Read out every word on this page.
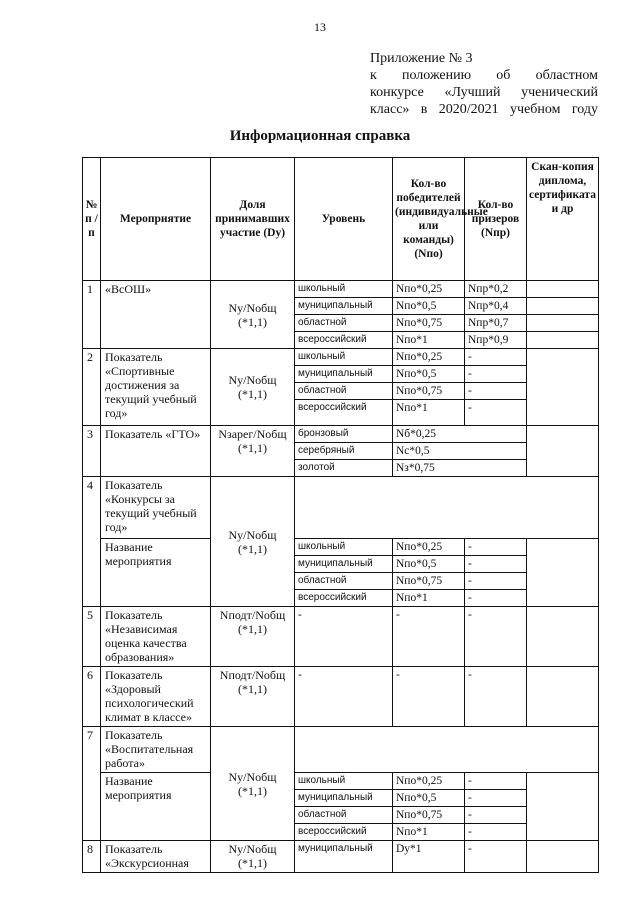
13
Приложение № 3
к положению об областном
конкурсе «Лучший ученический
класс» в 2020/2021 учебном году
Информационная справка
№ п / п	Мероприятие	Доля принимавших участие (Dy)	Уровень	Кол-во победителей (индивидуальные или команды) (Nпо)	Кол-во призеров (Nпр)	Скан-копия диплома, сертификата и др
1	«ВсОШ»	Nу/Nобщ (*1,1)	школьный	Nпо*0,25	Nпр*0,2	
			муниципальный	Nпо*0,5	Nпр*0,4	
			областной	Nпо*0,75	Nпр*0,7	
			всероссийский	Nпо*1	Nпр*0,9	
2	Показатель «Спортивные достижения за текущий учебный год»	Nу/Nобщ (*1,1)	школьный	Nпо*0,25	-	
			муниципальный	Nпо*0,5	-	
			областной	Nпо*0,75	-	
			всероссийский	Nпо*1	-	
3	Показатель «ГТО»	Nзарег/Nобщ (*1,1)	бронзовый	Nб*0,25		
			серебряный	Nс*0,5		
			золотой	Nз*0,75		
4	Показатель «Конкурсы за текущий учебный год»	Nу/Nобщ (*1,1)				
	Название мероприятия		школьный	Nпо*0,25	-	
			муниципальный	Nпо*0,5	-	
			областной	Nпо*0,75	-	
			всероссийский	Nпо*1	-	
5	Показатель «Независимая оценка качества образования»	Nподт/Nобщ (*1,1)	-	-	-	
6	Показатель «Здоровый психологический климат в классе»	Nподт/Nобщ (*1,1)	-	-	-	
7	Показатель «Воспитательная работа»	Nу/Nобщ (*1,1)				
	Название мероприятия		школьный	Nпо*0,25	-	
			муниципальный	Nпо*0,5	-	
			областной	Nпо*0,75	-	
			всероссийский	Nпо*1	-	
8	Показатель «Экскурсионная	Nу/Nобщ (*1,1)	муниципальный	Dу*1	-	
